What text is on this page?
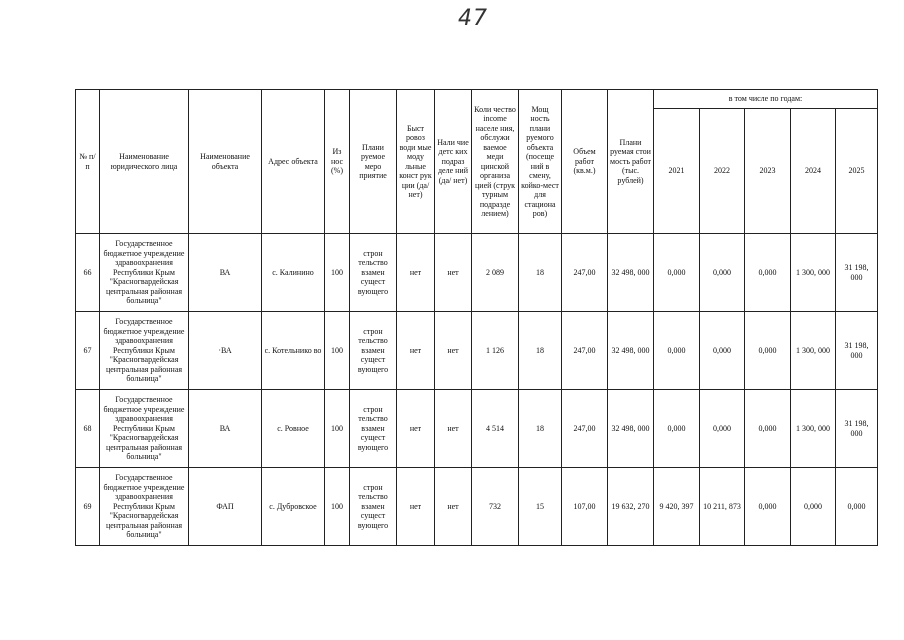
47
№ п/п	Наименование юридического лица	Наименование объекта	Адрес объекта	Из нос (%)	Плани руемое меро приятие	Быст ровоз води мые моду льные конст рук ции (да/ нет)	Нали чие детс ких подраз деле ний (да/ нет)	Коли чество income населе ния, обслужи ваемое меди цинской организа цией (струк турным подразде лением)	Мощ ность плани руемого объекта (посеще ний в смену, койко-мест для стациона ров)	Объем работ (кв.м.)	Плани руемая стои мость работ (тыс. рублей)	в том числе по годам:				
												2021	2022	2023	2024	2025
66	Государственное бюджетное учреждение здравоохранения Республики Крым "Красногвардейская центральная районная больница"	ВА	с. Калинино	100	строн тельство взамен сущест вующего	нет	нет	2 089	18	247,00	32 498, 000	0,000	0,000	0,000	1 300, 000	31 198, 000
67	Государственное бюджетное учреждение здравоохранения Республики Крым "Красногвардейская центральная районная больница"	·ВА	с. Котельнико во	100	строн тельство взамен сущест вующего	нет	нет	1 126	18	247,00	32 498, 000	0,000	0,000	0,000	1 300, 000	31 198, 000
68	Государственное бюджетное учреждение здравоохранения Республики Крым "Красногвардейская центральная районная больница"	ВА	с. Ровное	100	строн тельство взамен сущест вующего	нет	нет	4 514	18	247,00	32 498, 000	0,000	0,000	0,000	1 300, 000	31 198, 000
69	Государственное бюджетное учреждение здравоохранения Республики Крым "Красногвардейская центральная районная больница"	ФАП	с. Дубровское	100	строн тельство взамен сущест вующего	нет	нет	732	15	107,00	19 632, 270	9 420, 397	10 211, 873	0,000	0,000	0,000
